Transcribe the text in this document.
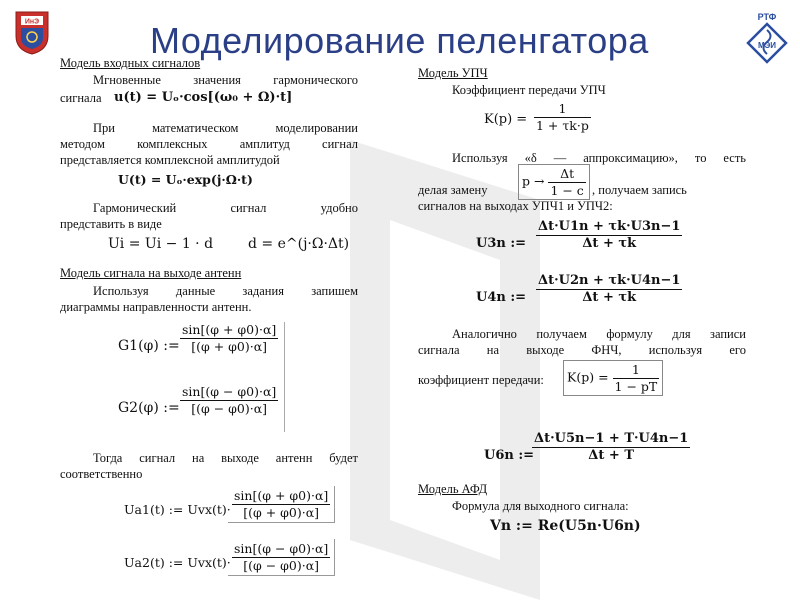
ИнЭ	РТФ
МЭИ
Моделирование пеленгатора
Модель входных сигналов
Мгновенные значения гармонического
сигнала u(t) = Uₒ·cos[(ω₀ + Ω)·t]
При математическом моделировании
методом комплексных амплитуд сигнал
представляется комплексной амплитудой
U(t) = Uₒ·exp(j·Ω·t)
Гармонический сигнал удобно
представить в виде
Ui = Ui − 1 · d d = e^(j·Ω·Δt)
Модель сигнала на выходе антенн
Используя данные задания запишем
диаграммы направленности антенн.
G1(φ) := $\frac{\sin[(\varphi + \varphi 0)\cdot\alpha]}{[(\varphi + \varphi 0)\cdot\alpha]}$
G2(φ) := $\frac{\sin[(\varphi - \varphi 0)\cdot\alpha]}{[(\varphi - \varphi 0)\cdot\alpha]}$
Тогда сигнал на выходе антенн будет
соответственно
Ua1(t) := Uvx(t)·
$\frac{\sin[(\varphi + \varphi 0)\cdot\alpha]}{[(\varphi + \varphi 0)\cdot\alpha]}$
Ua2(t) := Uvx(t)·
$\frac{\sin[(\varphi - \varphi 0)\cdot\alpha]}{[(\varphi - \varphi 0)\cdot\alpha]}$
Модель УПЧ
Коэффициент передачи УПЧ
$K(p) = \frac{1}{1 + \tau k\cdot p}$
Используя «δ — аппроксимацию», то есть
делая замену
$p \to \frac{\Delta t}{1 - c}$ , получаем запись
сигналов на выходах УПЧ1 и УПЧ2:
U3n := $\frac{\Delta t\cdot U1n + \tau k\cdot U3n-1}{\Delta t + \tau k}$
U4n := $\frac{\Delta t\cdot U2n + \tau k\cdot U4n-1}{\Delta t + \tau k}$
Аналогично получаем формулу для записи
сигнала на выходе ФНЧ, используя его
коэффициент передачи:	$K(p) = \frac{1}{1 - pT}$
U6n :=
$\frac{\Delta t\cdot U5n-1 + T\cdot U4n-1}{\Delta t + T}$
Модель АФД
Формула для выходного сигнала:
Vn := Re(U5n·U6n)
